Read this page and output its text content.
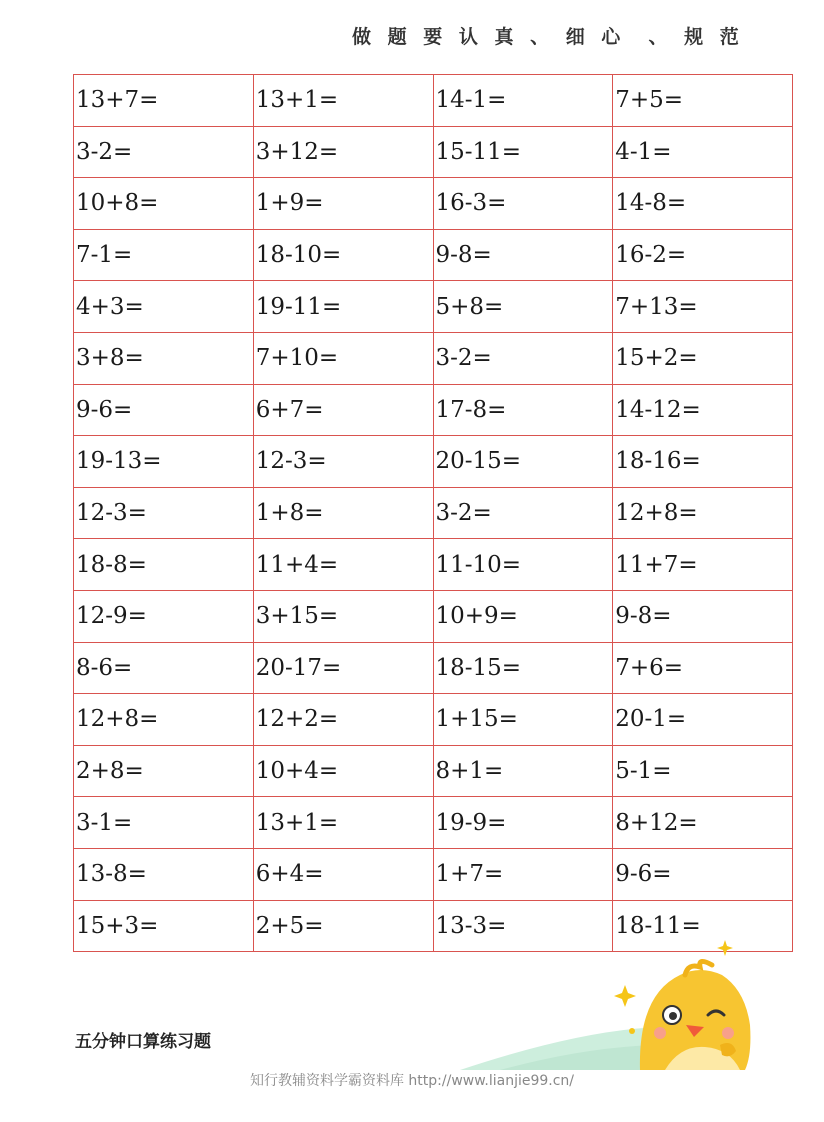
做 题 要 认 真 、 细 心  、 规 范
13+7=	13+1=	14-1=	7+5=
3-2=	3+12=	15-11=	4-1=
10+8=	1+9=	16-3=	14-8=
7-1=	18-10=	9-8=	16-2=
4+3=	19-11=	5+8=	7+13=
3+8=	7+10=	3-2=	15+2=
9-6=	6+7=	17-8=	14-12=
19-13=	12-3=	20-15=	18-16=
12-3=	1+8=	3-2=	12+8=
18-8=	11+4=	11-10=	11+7=
12-9=	3+15=	10+9=	9-8=
8-6=	20-17=	18-15=	7+6=
12+8=	12+2=	1+15=	20-1=
2+8=	10+4=	8+1=	5-1=
3-1=	13+1=	19-9=	8+12=
13-8=	6+4=	1+7=	9-6=
15+3=	2+5=	13-3=	18-11=
五分钟口算练习题
知行教辅资料学霸资料库 http://www.lianjie99.cn/
